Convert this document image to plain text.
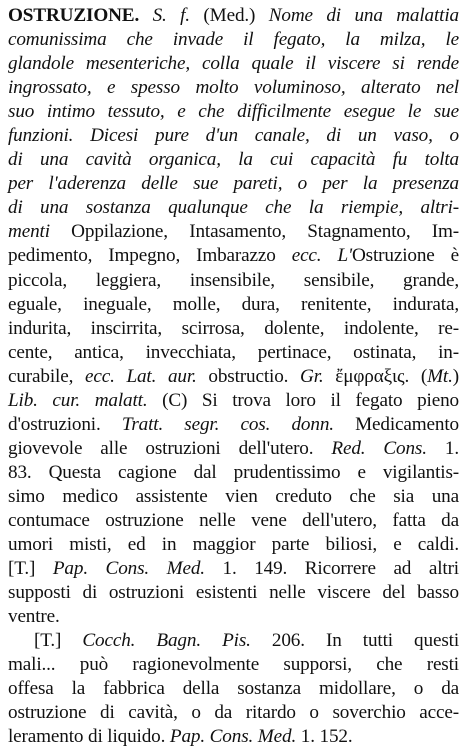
OSTRUZIONE. S. f. (Med.) Nome di una malattia
comunissima che invade il fegato, la milza, le
glandole mesenteriche, colla quale il viscere si rende
ingrossato, e spesso molto voluminoso, alterato nel
suo intimo tessuto, e che difficilmente esegue le sue
funzioni. Dicesi pure d'un canale, di un vaso, o
di una cavità organica, la cui capacità fu tolta
per l'aderenza delle sue pareti, o per la presenza
di una sostanza qualunque che la riempie, altri-
menti Oppilazione, Intasamento, Stagnamento, Im-
pedimento, Impegno, Imbarazzo ecc. L'Ostruzione è
piccola, leggiera, insensibile, sensibile, grande,
eguale, ineguale, molle, dura, renitente, indurata,
indurita, inscirrita, scirrosa, dolente, indolente, re-
cente, antica, invecchiata, pertinace, ostinata, in-
curabile, ecc. Lat. aur. obstructio. Gr. ἔμφραξις. (Mt.)
Lib. cur. malatt. (C) Si trova loro il fegato pieno
d'ostruzioni. Tratt. segr. cos. donn. Medicamento
giovevole alle ostruzioni dell'utero. Red. Cons. 1.
83. Questa cagione dal prudentissimo e vigilantis-
simo medico assistente vien creduto che sia una
contumace ostruzione nelle vene dell'utero, fatta da
umori misti, ed in maggior parte biliosi, e caldi.
[T.] Pap. Cons. Med. 1. 149. Ricorrere ad altri
supposti di ostruzioni esistenti nelle viscere del basso
ventre.
[T.] Cocch. Bagn. Pis. 206. In tutti questi
mali... può ragionevolmente supporsi, che resti
offesa la fabbrica della sostanza midollare, o da
ostruzione di cavità, o da ritardo o soverchio acce-
leramento di liquido. Pap. Cons. Med. 1. 152.
